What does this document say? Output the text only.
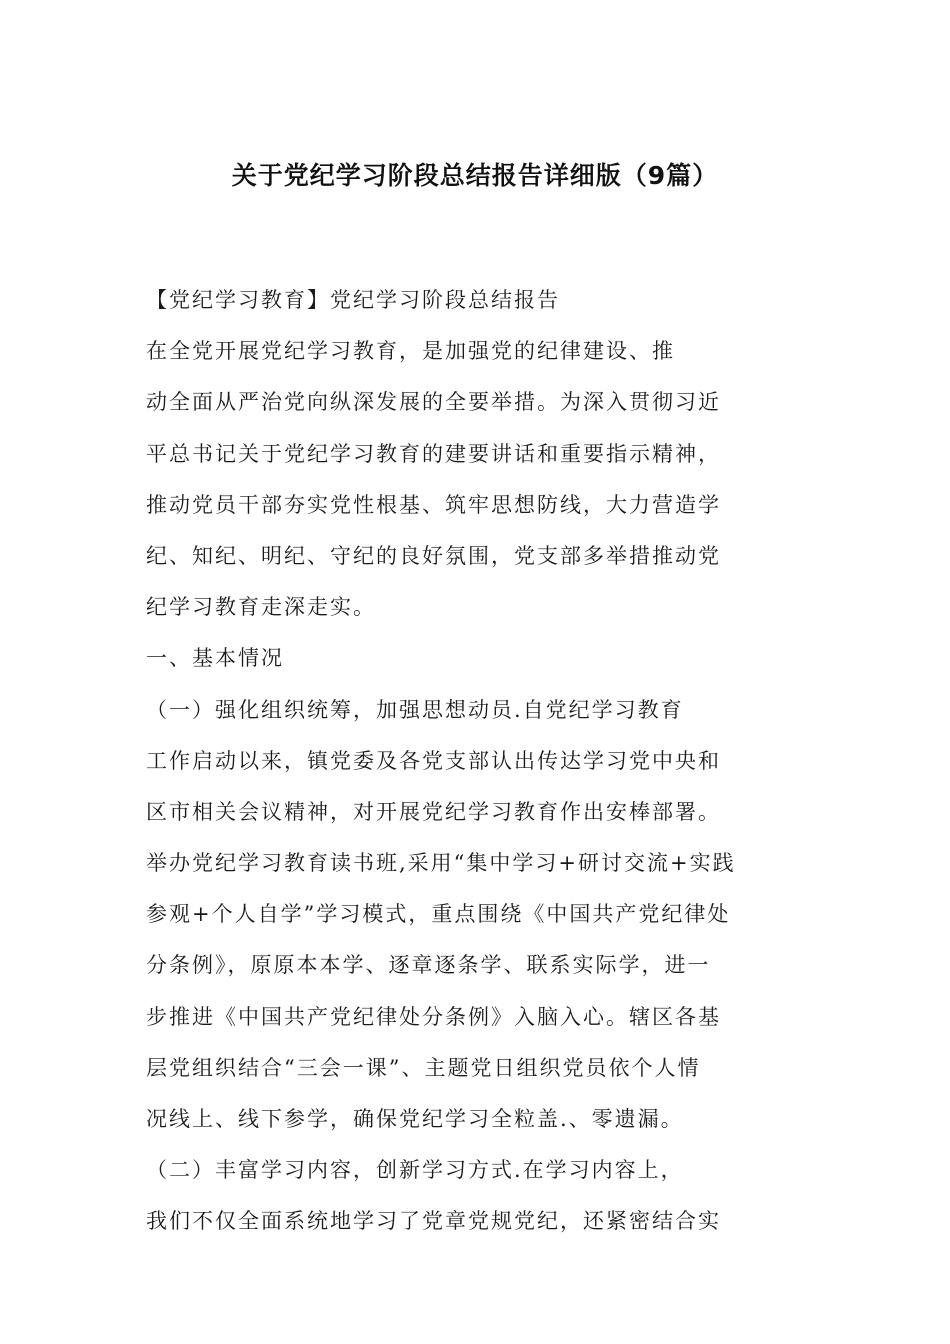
关于党纪学习阶段总结报告详细版（9篇）
【党纪学习教育】党纪学习阶段总结报告
在全党开展党纪学习教育，是加强党的纪律建设、推
动全面从严治党向纵深发展的全要举措。为深入贯彻习近
平总书记关于党纪学习教育的建要讲话和重要指示精神，
推动党员干部夯实党性根基、筑牢思想防线，大力营造学
纪、知纪、明纪、守纪的良好氛围，党支部多举措推动党
纪学习教育走深走实。
一、基本情况
（一）强化组织统筹，加强思想动员.自党纪学习教育
工作启动以来，镇党委及各党支部认出传达学习党中央和
区市相关会议精神，对开展党纪学习教育作出安棒部署。
举办党纪学习教育读书班,采用“集中学习+研讨交流+实践
参观+个人自学”学习模式，重点围绕《中国共产党纪律处
分条例》，原原本本学、逐章逐条学、联系实际学，进一
步推进《中国共产党纪律处分条例》入脑入心。辖区各基
层党组织结合“三会一课”、主题党日组织党员依个人情
况线上、线下参学，确保党纪学习全粒盖.、零遗漏。
（二）丰富学习内容，创新学习方式.在学习内容上，
我们不仅全面系统地学习了党章党规党纪，还紧密结合实
